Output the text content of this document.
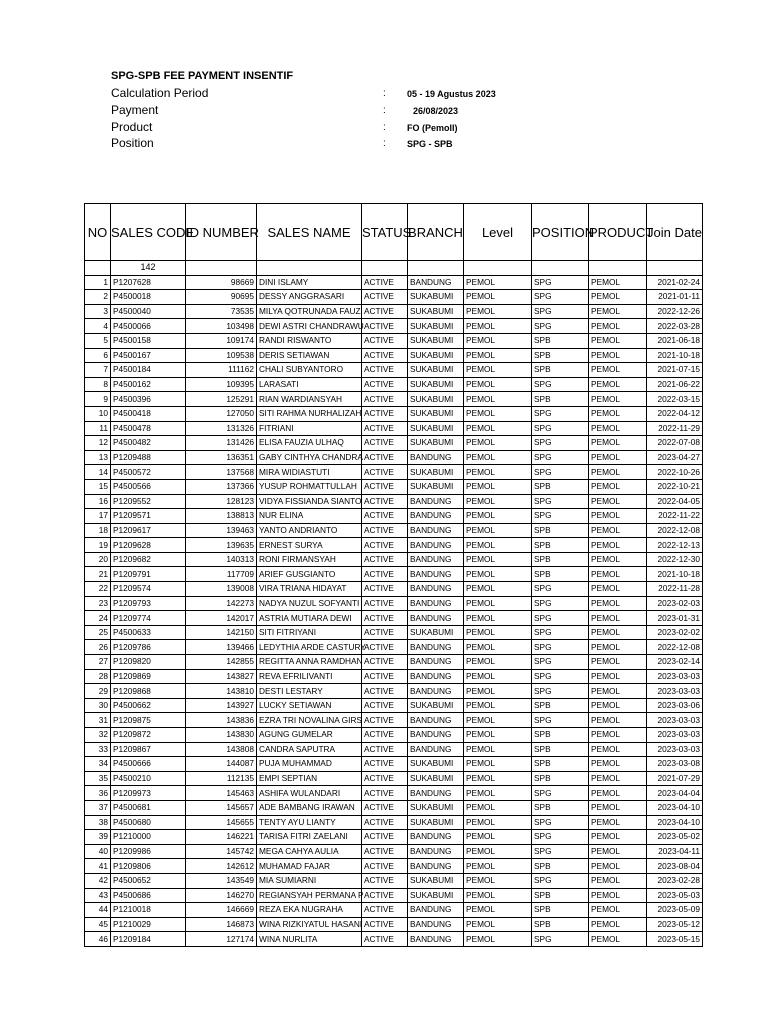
SPG-SPB FEE PAYMENT INSENTIF
Calculation Period	: 05 - 19 Agustus 2023
Payment	:	26/08/2023
Product	: FO (Pemoll)
Position	: SPG - SPB
NO	SALES CODE	ID NUMBER	SALES NAME	STATUS	BRANCH	Level	POSITION	PRODUCT	Join Date
	142								
1	P1207628	98669	DINI ISLAMY	ACTIVE	BANDUNG	PEMOL	SPG	PEMOL	2021-02-24
2	P4500018	90695	DESSY ANGGRASARI	ACTIVE	SUKABUMI	PEMOL	SPG	PEMOL	2021-01-11
3	P4500040	73535	MILYA QOTRUNADA FAUZ	ACTIVE	SUKABUMI	PEMOL	SPG	PEMOL	2022-12-26
4	P4500066	103498	DEWI ASTRI CHANDRAWU	ACTIVE	SUKABUMI	PEMOL	SPG	PEMOL	2022-03-28
5	P4500158	109174	RANDI RISWANTO	ACTIVE	SUKABUMI	PEMOL	SPB	PEMOL	2021-06-18
6	P4500167	109538	DERIS SETIAWAN	ACTIVE	SUKABUMI	PEMOL	SPB	PEMOL	2021-10-18
7	P4500184	111162	CHALI SUBYANTORO	ACTIVE	SUKABUMI	PEMOL	SPB	PEMOL	2021-07-15
8	P4500162	109395	LARASATI	ACTIVE	SUKABUMI	PEMOL	SPG	PEMOL	2021-06-22
9	P4500396	125291	RIAN WARDIANSYAH	ACTIVE	SUKABUMI	PEMOL	SPB	PEMOL	2022-03-15
10	P4500418	127050	SITI RAHMA NURHALIZAH	ACTIVE	SUKABUMI	PEMOL	SPG	PEMOL	2022-04-12
11	P4500478	131326	FITRIANI	ACTIVE	SUKABUMI	PEMOL	SPG	PEMOL	2022-11-29
12	P4500482	131426	ELISA FAUZIA ULHAQ	ACTIVE	SUKABUMI	PEMOL	SPG	PEMOL	2022-07-08
13	P1209488	136351	GABY CINTHYA CHANDRA	ACTIVE	BANDUNG	PEMOL	SPG	PEMOL	2023-04-27
14	P4500572	137568	MIRA WIDIASTUTI	ACTIVE	SUKABUMI	PEMOL	SPG	PEMOL	2022-10-26
15	P4500566	137366	YUSUP ROHMATTULLAH	ACTIVE	SUKABUMI	PEMOL	SPB	PEMOL	2022-10-21
16	P1209552	128123	VIDYA FISSIANDA SIANTO	ACTIVE	BANDUNG	PEMOL	SPG	PEMOL	2022-04-05
17	P1209571	138813	NUR ELINA	ACTIVE	BANDUNG	PEMOL	SPG	PEMOL	2022-11-22
18	P1209617	139463	YANTO ANDRIANTO	ACTIVE	BANDUNG	PEMOL	SPB	PEMOL	2022-12-08
19	P1209628	139635	ERNEST SURYA	ACTIVE	BANDUNG	PEMOL	SPB	PEMOL	2022-12-13
20	P1209682	140313	RONI FIRMANSYAH	ACTIVE	BANDUNG	PEMOL	SPB	PEMOL	2022-12-30
21	P1209791	117709	ARIEF GUSGIANTO	ACTIVE	BANDUNG	PEMOL	SPB	PEMOL	2021-10-18
22	P1209574	139008	VIRA TRIANA HIDAYAT	ACTIVE	BANDUNG	PEMOL	SPG	PEMOL	2022-11-28
23	P1209793	142273	NADYA NUZUL SOFYANTI	ACTIVE	BANDUNG	PEMOL	SPG	PEMOL	2023-02-03
24	P1209774	142017	ASTRIA MUTIARA DEWI	ACTIVE	BANDUNG	PEMOL	SPG	PEMOL	2023-01-31
25	P4500633	142150	SITI FITRIYANI	ACTIVE	SUKABUMI	PEMOL	SPG	PEMOL	2023-02-02
26	P1209786	139466	LEDYTHIA ARDE CASTURY	ACTIVE	BANDUNG	PEMOL	SPG	PEMOL	2022-12-08
27	P1209820	142855	REGITTA ANNA RAMDHAN	ACTIVE	BANDUNG	PEMOL	SPG	PEMOL	2023-02-14
28	P1209869	143827	REVA EFRILIVANTI	ACTIVE	BANDUNG	PEMOL	SPG	PEMOL	2023-03-03
29	P1209868	143810	DESTI LESTARY	ACTIVE	BANDUNG	PEMOL	SPG	PEMOL	2023-03-03
30	P4500662	143927	LUCKY SETIAWAN	ACTIVE	SUKABUMI	PEMOL	SPB	PEMOL	2023-03-06
31	P1209875	143836	EZRA TRI NOVALINA GIRS	ACTIVE	BANDUNG	PEMOL	SPG	PEMOL	2023-03-03
32	P1209872	143830	AGUNG GUMELAR	ACTIVE	BANDUNG	PEMOL	SPB	PEMOL	2023-03-03
33	P1209867	143808	CANDRA SAPUTRA	ACTIVE	BANDUNG	PEMOL	SPB	PEMOL	2023-03-03
34	P4500666	144087	PUJA MUHAMMAD	ACTIVE	SUKABUMI	PEMOL	SPB	PEMOL	2023-03-08
35	P4500210	112135	EMPI SEPTIAN	ACTIVE	SUKABUMI	PEMOL	SPB	PEMOL	2021-07-29
36	P1209973	145463	ASHIFA WULANDARI	ACTIVE	BANDUNG	PEMOL	SPG	PEMOL	2023-04-04
37	P4500681	145657	ADE BAMBANG IRAWAN	ACTIVE	SUKABUMI	PEMOL	SPB	PEMOL	2023-04-10
38	P4500680	145655	TENTY AYU LIANTY	ACTIVE	SUKABUMI	PEMOL	SPG	PEMOL	2023-04-10
39	P1210000	146221	TARISA FITRI ZAELANI	ACTIVE	BANDUNG	PEMOL	SPG	PEMOL	2023-05-02
40	P1209986	145742	MEGA CAHYA AULIA	ACTIVE	BANDUNG	PEMOL	SPG	PEMOL	2023-04-11
41	P1209806	142612	MUHAMAD FAJAR	ACTIVE	BANDUNG	PEMOL	SPB	PEMOL	2023-08-04
42	P4500652	143549	MIA SUMIARNI	ACTIVE	SUKABUMI	PEMOL	SPG	PEMOL	2023-02-28
43	P4500686	146270	REGIANSYAH PERMANA P	ACTIVE	SUKABUMI	PEMOL	SPB	PEMOL	2023-05-03
44	P1210018	146669	REZA EKA NUGRAHA	ACTIVE	BANDUNG	PEMOL	SPB	PEMOL	2023-05-09
45	P1210029	146873	WINA RIZKIYATUL HASANI	ACTIVE	BANDUNG	PEMOL	SPB	PEMOL	2023-05-12
46	P1209184	127174	WINA NURLITA	ACTIVE	BANDUNG	PEMOL	SPG	PEMOL	2023-05-15
